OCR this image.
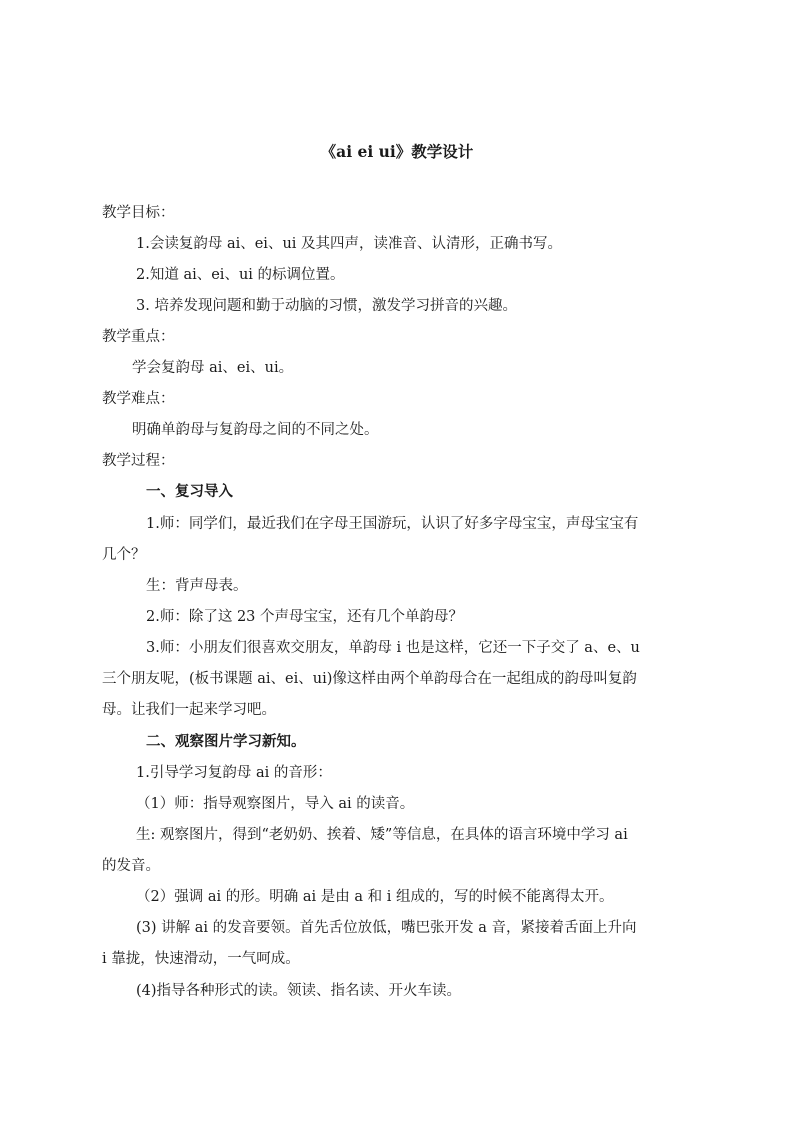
《ai ei ui》教学设计
教学目标：
1.会读复韵母 ai、ei、ui 及其四声，读准音、认清形，正确书写。
2.知道 ai、ei、ui 的标调位置。
3. 培养发现问题和勤于动脑的习惯，激发学习拼音的兴趣。
教学重点：
学会复韵母 ai、ei、ui。
教学难点：
明确单韵母与复韵母之间的不同之处。
教学过程：
一、复习导入
1.师：同学们，最近我们在字母王国游玩，认识了好多字母宝宝，声母宝宝有
几个？
生：背声母表。
2.师：除了这 23 个声母宝宝，还有几个单韵母？
3.师：小朋友们很喜欢交朋友，单韵母 i 也是这样，它还一下子交了 a、e、u
三个朋友呢，(板书课题 ai、ei、ui)像这样由两个单韵母合在一起组成的韵母叫复韵
母。让我们一起来学习吧。
二、观察图片学习新知。
1.引导学习复韵母 ai 的音形：
（1）师：指导观察图片，导入 ai 的读音。
生: 观察图片，得到“老奶奶、挨着、矮”等信息，在具体的语言环境中学习 ai
的发音。
（2）强调 ai 的形。明确 ai 是由 a 和 i 组成的，写的时候不能离得太开。
(3) 讲解 ai 的发音要领。首先舌位放低，嘴巴张开发 a 音，紧接着舌面上升向
i 靠拢，快速滑动，一气呵成。
(4)指导各种形式的读。领读、指名读、开火车读。
